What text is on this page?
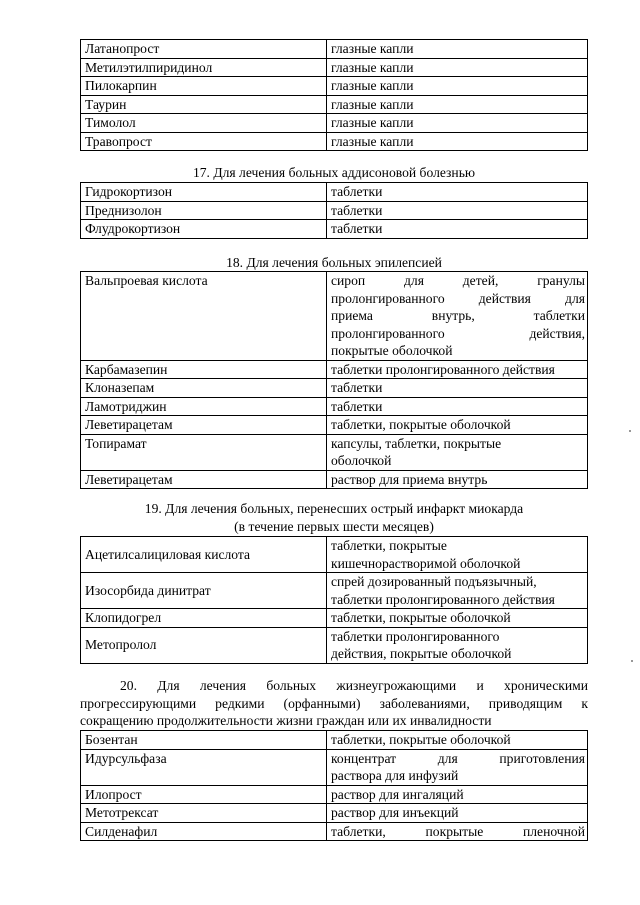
Латанопрост	глазные капли
Метилэтилпиридинол	глазные капли
Пилокарпин	глазные капли
Таурин	глазные капли
Тимолол	глазные капли
Травопрост	глазные капли

17. Для лечения больных аддисоновой болезнью

Гидрокортизон	таблетки
Преднизолон	таблетки
Флудрокортизон	таблетки

18. Для лечения больных эпилепсией

Вальпроевая кислота	сироп для детей, гранулы
пролонгированного действия для
приема внутрь, таблетки
пролонгированного действия,
покрытые оболочкой

Карбамазепин	таблетки пролонгированного действия
Клоназепам	таблетки
Ламотриджин	таблетки
Леветирацетам	таблетки, покрытые оболочкой
Топирамат	капсулы, таблетки, покрытые
оболочкой

Леветирацетам	раствор для приема внутрь

19. Для лечения больных, перенесших острый инфаркт миокарда

(в течение первых шести месяцев)

Ацетилсалициловая кислота	таблетки, покрытые
кишечнорастворимой оболочкой

Изосорбида динитрат	спрей дозированный подъязычный,
таблетки пролонгированного действия

Клопидогрел	таблетки, покрытые оболочкой
Метопролол	таблетки пролонгированного
действия, покрытые оболочкой
20. Для лечения больных жизнеугрожающими и хроническими
прогрессирующими редкими (орфанными) заболеваниями, приводящим к
сокращению продолжительности жизни граждан или их инвалидности
Бозентан	таблетки, покрытые оболочкой
Идурсульфаза	концентрат для приготовления
раствора для инфузий

Илопрост	раствор для ингаляций
Метотрексат	раствор для инъекций
Силденафил	таблетки, покрытые пленочной
